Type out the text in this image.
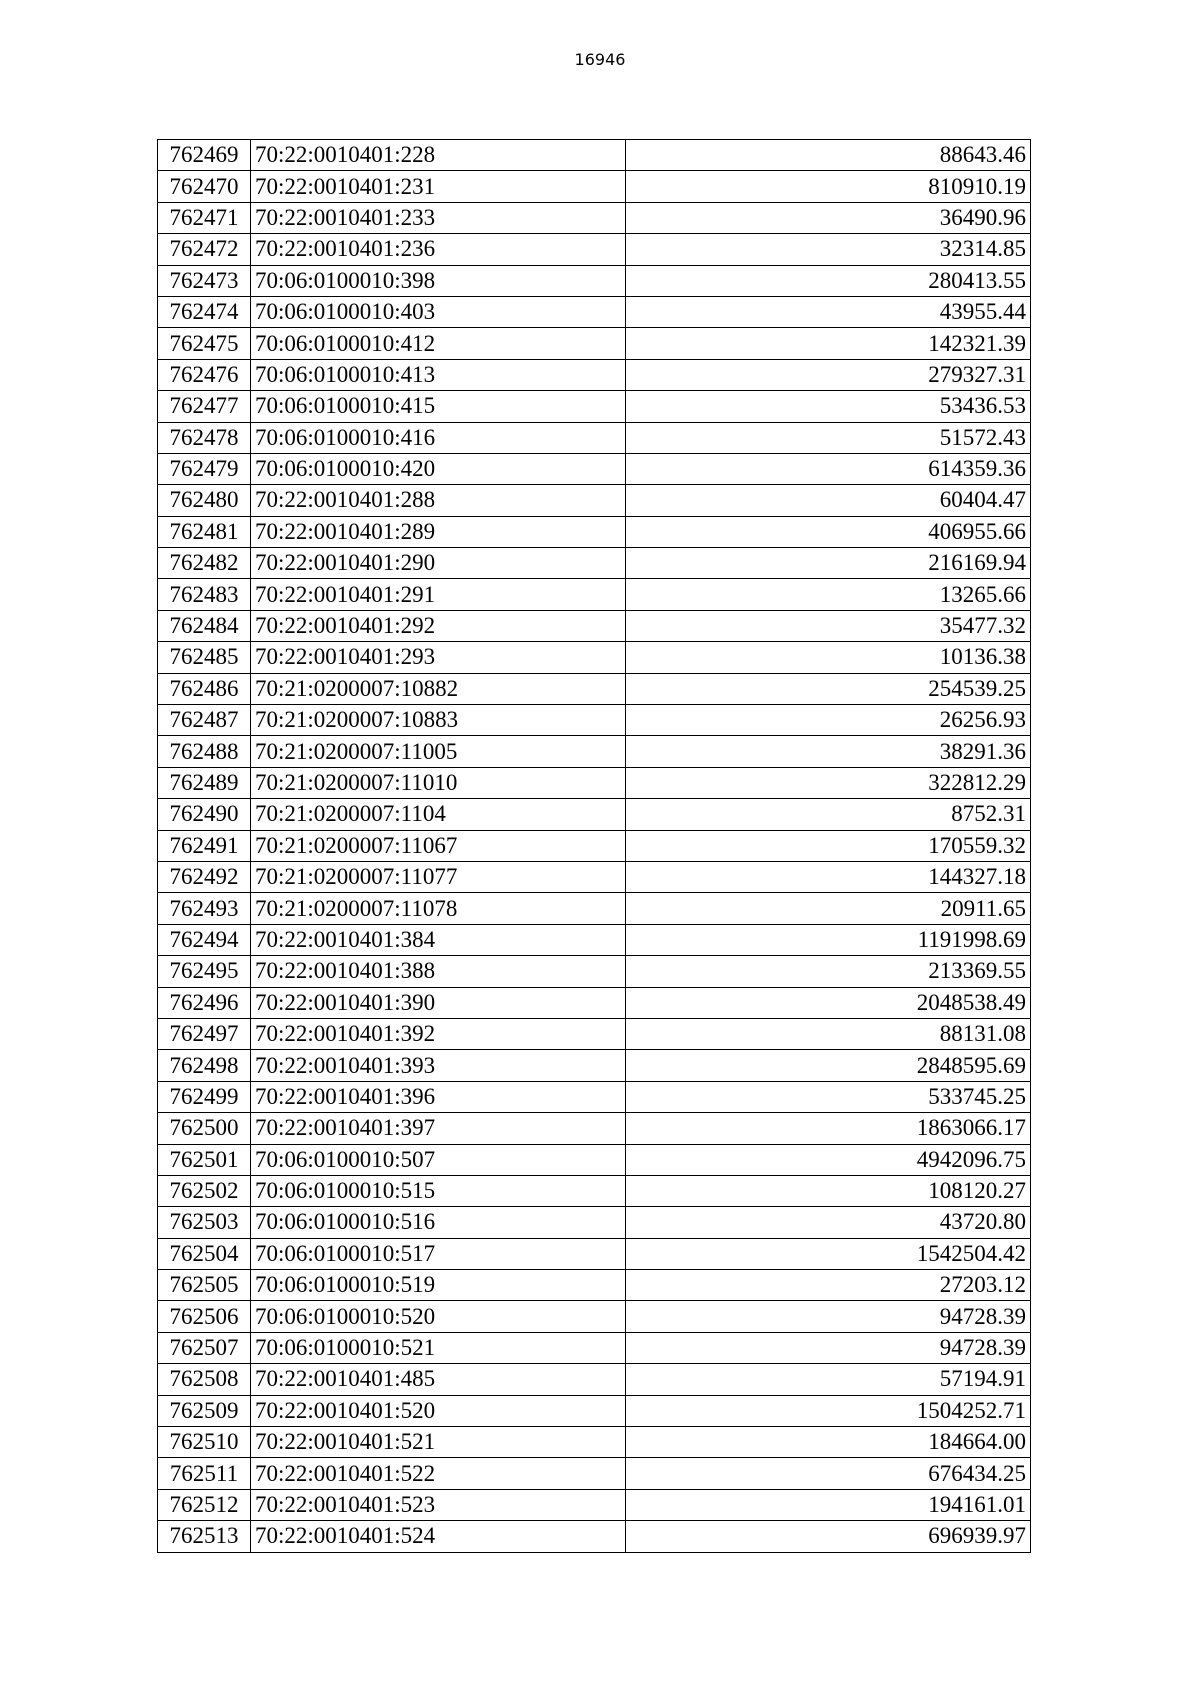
16946
762469	70:22:0010401:228	88643.46
762470	70:22:0010401:231	810910.19
762471	70:22:0010401:233	36490.96
762472	70:22:0010401:236	32314.85
762473	70:06:0100010:398	280413.55
762474	70:06:0100010:403	43955.44
762475	70:06:0100010:412	142321.39
762476	70:06:0100010:413	279327.31
762477	70:06:0100010:415	53436.53
762478	70:06:0100010:416	51572.43
762479	70:06:0100010:420	614359.36
762480	70:22:0010401:288	60404.47
762481	70:22:0010401:289	406955.66
762482	70:22:0010401:290	216169.94
762483	70:22:0010401:291	13265.66
762484	70:22:0010401:292	35477.32
762485	70:22:0010401:293	10136.38
762486	70:21:0200007:10882	254539.25
762487	70:21:0200007:10883	26256.93
762488	70:21:0200007:11005	38291.36
762489	70:21:0200007:11010	322812.29
762490	70:21:0200007:1104	8752.31
762491	70:21:0200007:11067	170559.32
762492	70:21:0200007:11077	144327.18
762493	70:21:0200007:11078	20911.65
762494	70:22:0010401:384	1191998.69
762495	70:22:0010401:388	213369.55
762496	70:22:0010401:390	2048538.49
762497	70:22:0010401:392	88131.08
762498	70:22:0010401:393	2848595.69
762499	70:22:0010401:396	533745.25
762500	70:22:0010401:397	1863066.17
762501	70:06:0100010:507	4942096.75
762502	70:06:0100010:515	108120.27
762503	70:06:0100010:516	43720.80
762504	70:06:0100010:517	1542504.42
762505	70:06:0100010:519	27203.12
762506	70:06:0100010:520	94728.39
762507	70:06:0100010:521	94728.39
762508	70:22:0010401:485	57194.91
762509	70:22:0010401:520	1504252.71
762510	70:22:0010401:521	184664.00
762511	70:22:0010401:522	676434.25
762512	70:22:0010401:523	194161.01
762513	70:22:0010401:524	696939.97
